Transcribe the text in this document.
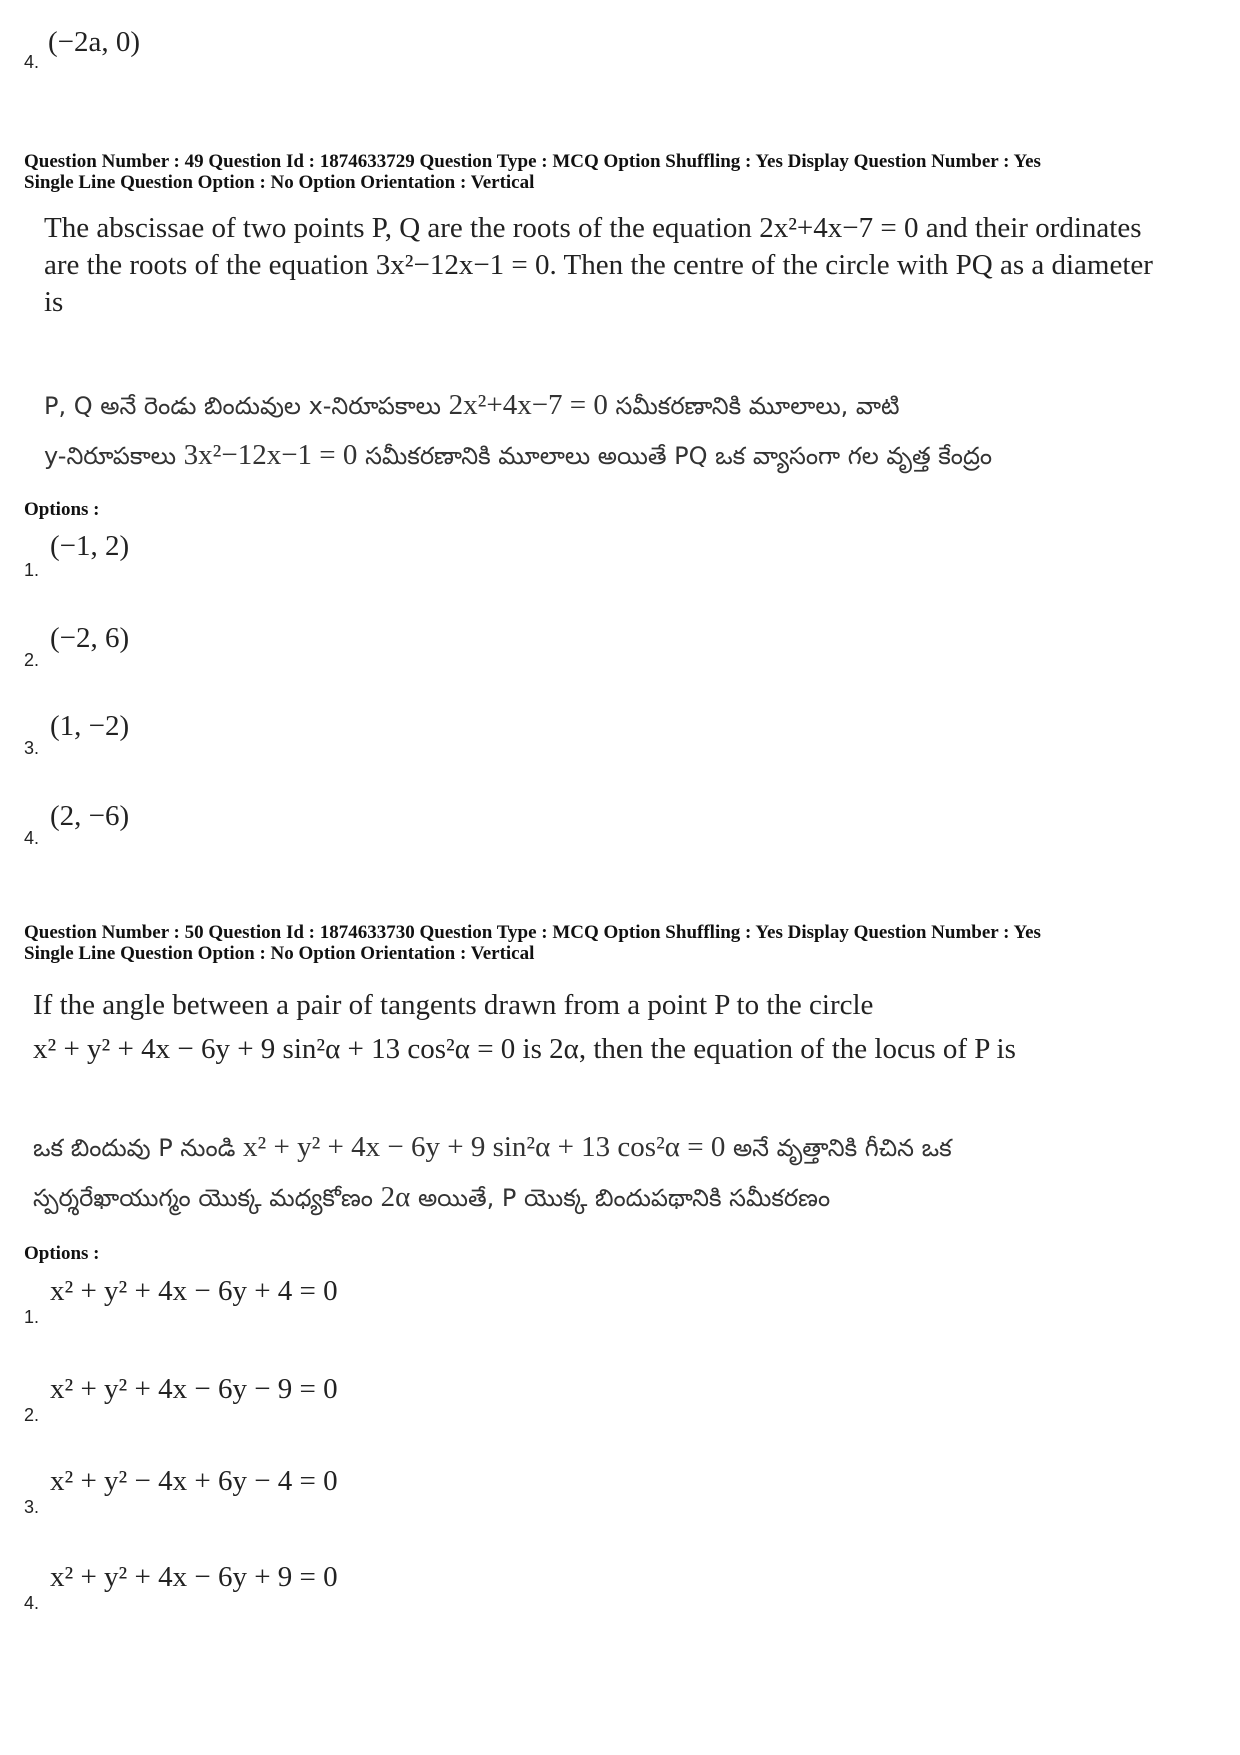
4.
(−2a, 0)
Question Number : 49 Question Id : 1874633729 Question Type : MCQ Option Shuffling : Yes Display Question Number : Yes
Single Line Question Option : No Option Orientation : Vertical
The abscissae of two points P, Q are the roots of the equation 2x²+4x−7 = 0 and their ordinates are the roots of the equation 3x²−12x−1 = 0. Then the centre of the circle with PQ as a diameter is
P, Q అనే రెండు బిందువుల x-నిరూపకాలు 2x²+4x−7 = 0 సమీకరణానికి మూలాలు, వాటి
y-నిరూపకాలు 3x²−12x−1 = 0 సమీకరణానికి మూలాలు అయితే PQ ఒక వ్యాసంగా గల వృత్త కేంద్రం
Options :
1.
(−1, 2)
2.
(−2, 6)
3.
(1, −2)
4.
(2, −6)
Question Number : 50 Question Id : 1874633730 Question Type : MCQ Option Shuffling : Yes Display Question Number : Yes
Single Line Question Option : No Option Orientation : Vertical
If the angle between a pair of tangents drawn from a point P to the circle
x² + y² + 4x − 6y + 9 sin²α + 13 cos²α = 0 is 2α, then the equation of the locus of P is
ఒక బిందువు P నుండి x² + y² + 4x − 6y + 9 sin²α + 13 cos²α = 0 అనే వృత్తానికి గీచిన ఒక
స్పర్శరేఖాయుగ్మం యొక్క మధ్యకోణం 2α అయితే, P యొక్క బిందుపథానికి సమీకరణం
Options :
1.
x² + y² + 4x − 6y + 4 = 0
2.
x² + y² + 4x − 6y − 9 = 0
3.
x² + y² − 4x + 6y − 4 = 0
4.
x² + y² + 4x − 6y + 9 = 0
